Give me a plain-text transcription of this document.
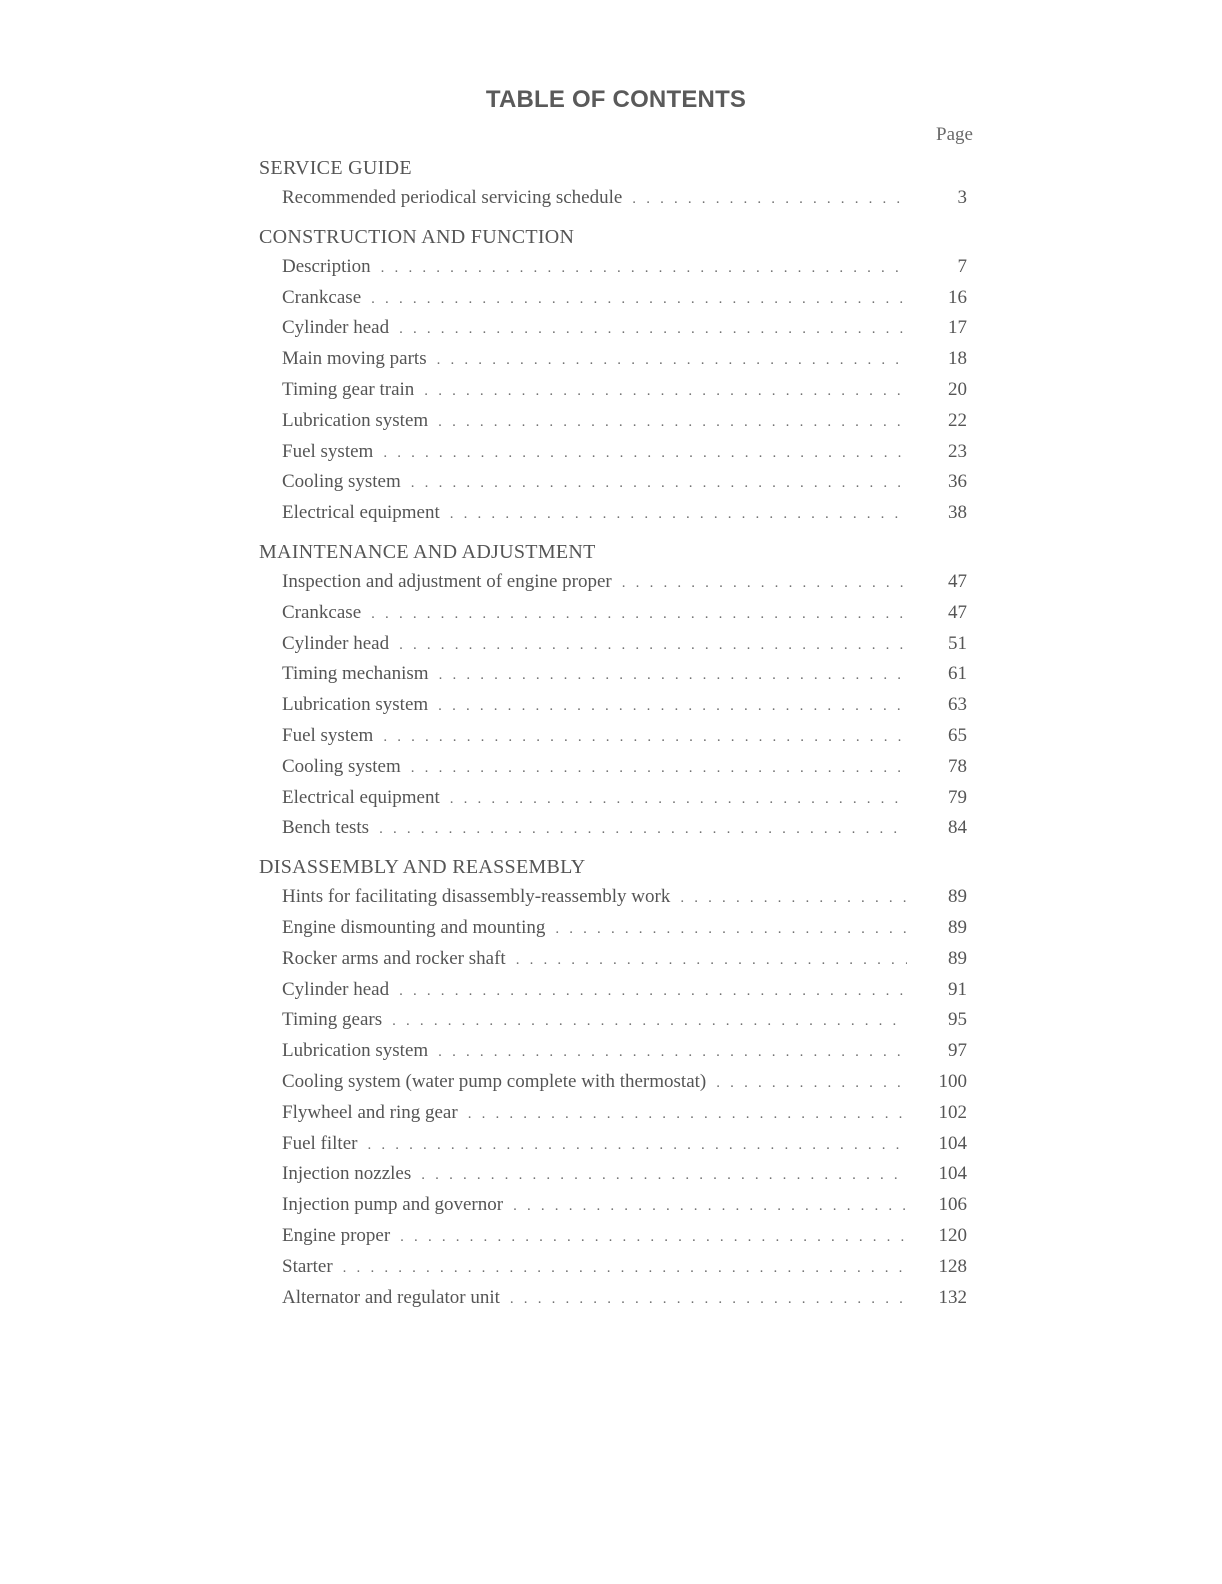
TABLE OF CONTENTS
Page
SERVICE GUIDE
Recommended periodical servicing schedule . . .	3
CONSTRUCTION AND FUNCTION
Description . . .	7
Crankcase . . .	16
Cylinder head . . .	17
Main moving parts . . .	18
Timing gear train . . .	20
Lubrication system . . .	22
Fuel system . . .	23
Cooling system . . .	36
Electrical equipment . . .	38
MAINTENANCE AND ADJUSTMENT
Inspection and adjustment of engine proper . . .	47
Crankcase . . .	47
Cylinder head . . .	51
Timing mechanism . . .	61
Lubrication system . . .	63
Fuel system . . .	65
Cooling system . . .	78
Electrical equipment . . .	79
Bench tests . . .	84
DISASSEMBLY AND REASSEMBLY
Hints for facilitating disassembly-reassembly work . . .	89
Engine dismounting and mounting . . .	89
Rocker arms and rocker shaft . . .	89
Cylinder head . . .	91
Timing gears . . .	95
Lubrication system . . .	97
Cooling system (water pump complete with thermostat) . . .	100
Flywheel and ring gear . . .	102
Fuel filter . . .	104
Injection nozzles . . .	104
Injection pump and governor . . .	106
Engine proper . . .	120
Starter . . .	128
Alternator and regulator unit . . .	132
